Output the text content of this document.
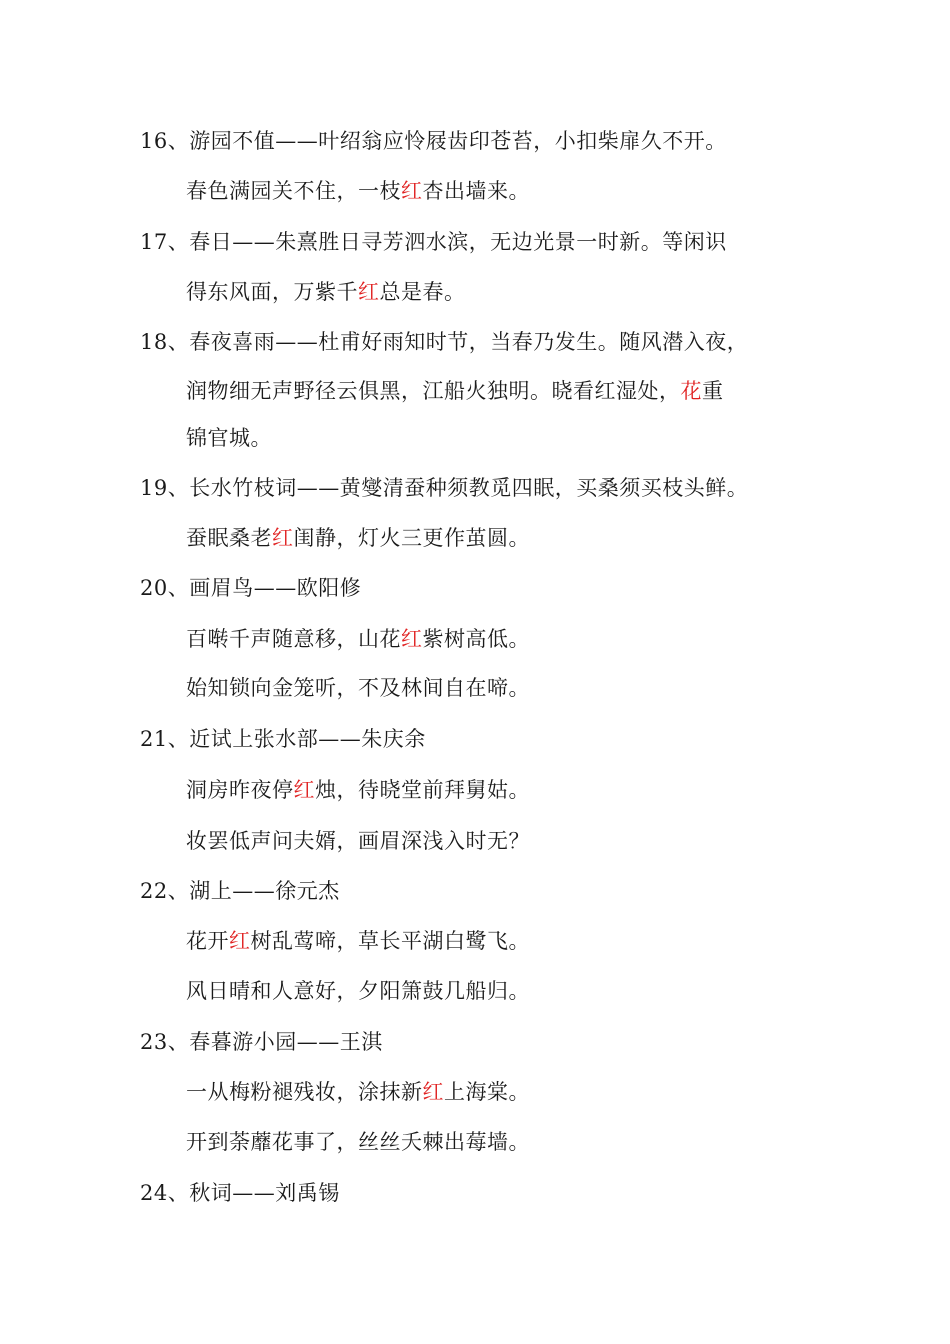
16、游园不值——叶绍翁应怜屐齿印苍苔，小扣柴扉久不开。
春色满园关不住，一枝红杏出墙来。
17、春日——朱熹胜日寻芳泗水滨，无边光景一时新。等闲识
得东风面，万紫千红总是春。
18、春夜喜雨——杜甫好雨知时节，当春乃发生。随风潜入夜，
润物细无声野径云俱黑，江船火独明。晓看红湿处，花重
锦官城。
19、长水竹枝词——黄燮清蚕种须教觅四眠，买桑须买枝头鲜。
蚕眠桑老红闺静，灯火三更作茧圆。
20、画眉鸟——欧阳修
百啭千声随意移，山花红紫树高低。
始知锁向金笼听，不及林间自在啼。
21、近试上张水部——朱庆余
洞房昨夜停红烛，待晓堂前拜舅姑。
妆罢低声问夫婿，画眉深浅入时无？
22、湖上——徐元杰
花开红树乱莺啼，草长平湖白鹭飞。
风日晴和人意好，夕阳箫鼓几船归。
23、春暮游小园——王淇
一从梅粉褪残妆，涂抹新红上海棠。
开到荼蘼花事了，丝丝夭棘出莓墙。
24、秋词——刘禹锡
